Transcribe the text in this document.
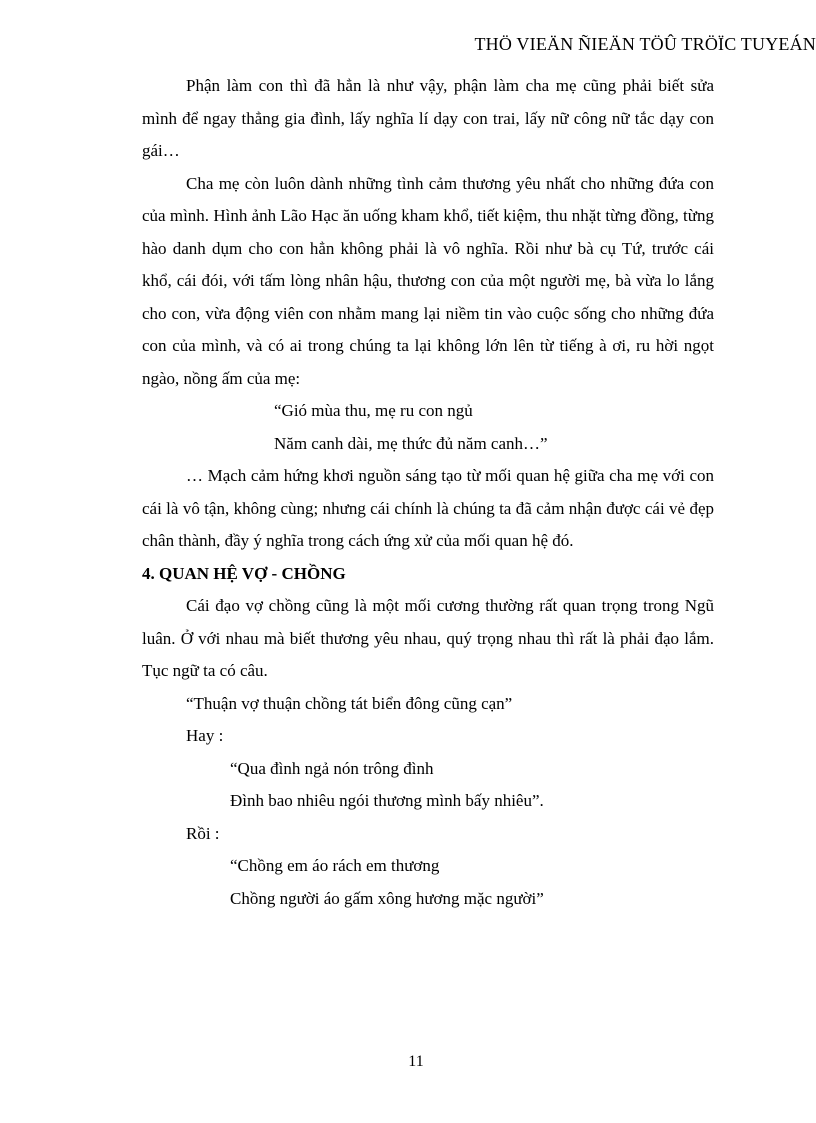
THÖ VIEÄN ÑIEÄN TÖÛ TRÖÏC TUYEÁN

Phận làm con thì đã hẳn là như vậy, phận làm cha mẹ cũng phải biết sửa mình để ngay thẳng gia đình, lấy nghĩa lí dạy con trai, lấy nữ công nữ tắc dạy con gái…

Cha mẹ còn luôn dành những tình cảm thương yêu nhất cho những đứa con của mình. Hình ảnh Lão Hạc ăn uống kham khổ, tiết kiệm, thu nhặt từng đồng, từng hào danh dụm cho con hẳn không phải là vô nghĩa. Rồi như bà cụ Tứ, trước cái khổ, cái đói, với tấm lòng nhân hậu, thương con của một người mẹ, bà vừa lo lắng cho con, vừa động viên con nhằm mang lại niềm tin vào cuộc sống cho những đứa con của mình, và có ai trong chúng ta lại không lớn lên từ tiếng à ơi, ru hời ngọt ngào, nồng ấm của mẹ:

“Gió mùa thu, mẹ ru con ngủ

Năm canh dài, mẹ thức đủ năm canh…”

… Mạch cảm hứng khơi nguồn sáng tạo từ mối quan hệ giữa cha mẹ với con cái là vô tận, không cùng; nhưng cái chính là chúng ta đã cảm nhận được cái vẻ đẹp chân thành, đầy ý nghĩa trong cách ứng xử của mối quan hệ đó.

4. QUAN HỆ VỢ - CHỒNG

Cái đạo vợ chồng cũng là một mối cương thường rất quan trọng trong Ngũ luân. Ở với nhau mà biết thương yêu nhau, quý trọng nhau thì rất là phải đạo lắm. Tục ngữ ta có câu.

“Thuận vợ thuận chồng tát biển đông cũng cạn”

Hay :

“Qua đình ngả nón trông đình

Đình bao nhiêu ngói thương mình bấy nhiêu”.

Rồi :

“Chồng em áo rách em thương

Chồng người áo gấm xông hương mặc người”

11
